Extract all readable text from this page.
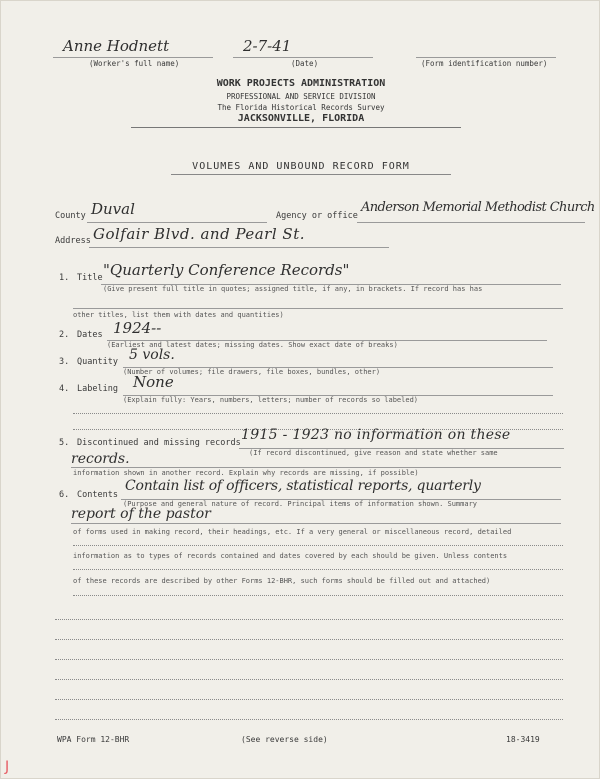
Anne Hodnett	2-7-41
(Worker's full name)	(Date)	(Form identification number)
WORK PROJECTS ADMINISTRATION
PROFESSIONAL AND SERVICE DIVISION
The Florida Historical Records Survey
JACKSONVILLE, FLORIDA
VOLUMES AND UNBOUND RECORD FORM
County Duval	Agency or office
Anderson Memorial Methodist Church
Address Golfair Blvd. and Pearl St.
1. Title "Quarterly Conference Records"
(Give present full title in quotes; assigned title, if any, in brackets. If record has has
other titles, list them with dates and quantities)
2. Dates 1924--
(Earliest and latest dates; missing dates. Show exact date of breaks)
3. Quantity 5 vols.
(Number of volumes; file drawers, file boxes, bundles, other)
4. Labeling None
(Explain fully: Years, numbers, letters; number of records so labeled)
5. Discontinued and missing records 1915 - 1923 no information on these
(If record discontinued, give reason and state whether same
records.
information shown in another record. Explain why records are missing, if possible)
6. Contents
Contain list of officers, statistical reports, quarterly
(Purpose and general nature of record. Principal items of information shown. Summary
report of the pastor
of forms used in making record, their headings, etc. If a very general or miscellaneous record, detailed
information as to types of records contained and dates covered by each should be given. Unless contents
of these records are described by other Forms 12-BHR, such forms should be filled out and attached)
WPA Form 12-BHR	(See reverse side)	18-3419
J
